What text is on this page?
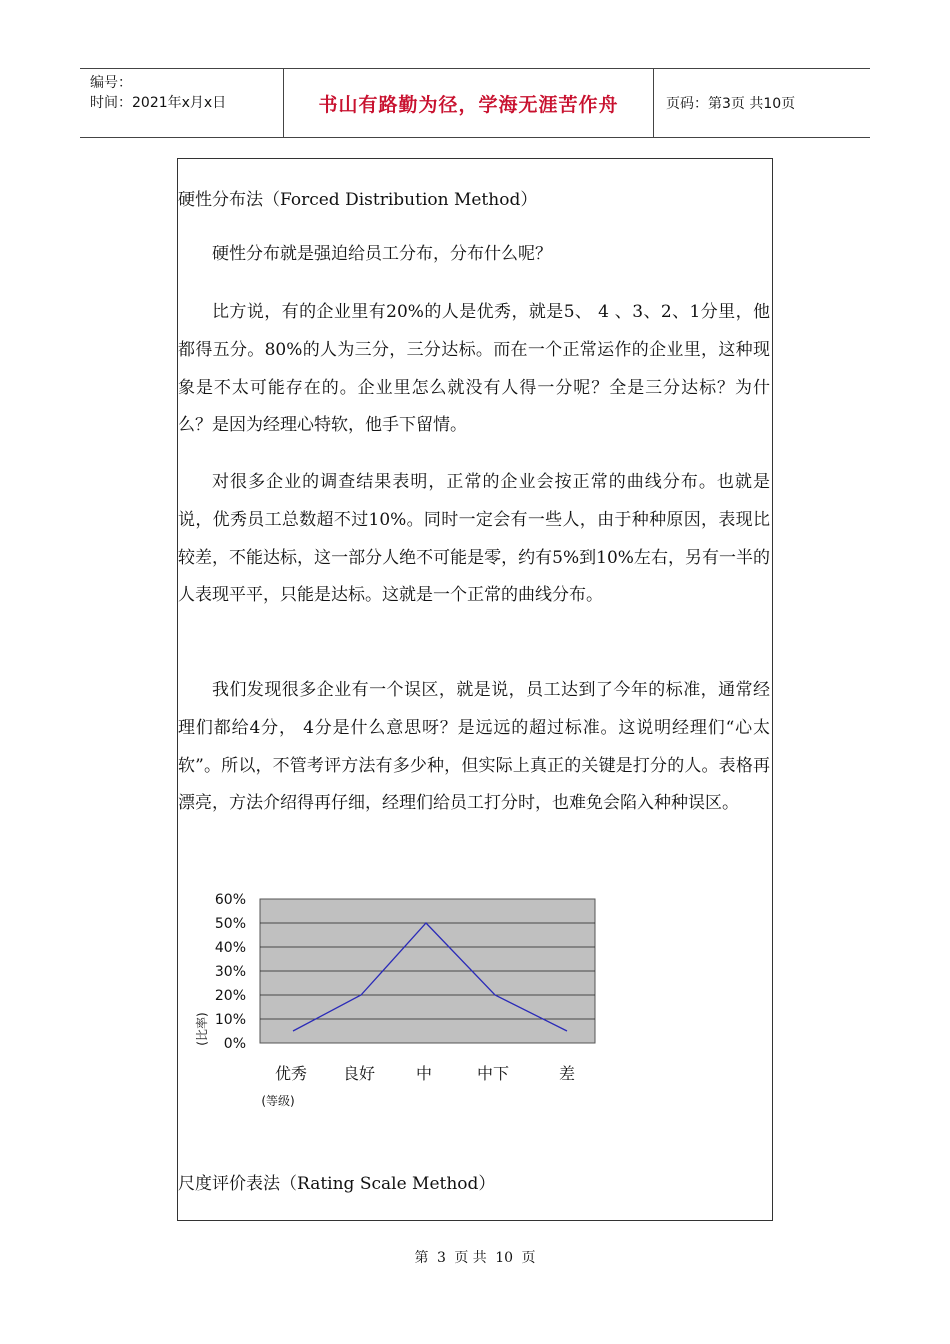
编号：
时间：2021年x月x日	书山有路勤为径，学海无涯苦作舟	页码：第3页 共10页

硬性分布法（Forced Distribution Method）

硬性分布就是强迫给员工分布，分布什么呢？

比方说，有的企业里有20%的人是优秀，就是5、 4 、3、2、1分里，他都得五分。80%的人为三分，三分达标。而在一个正常运作的企业里，这种现象是不太可能存在的。企业里怎么就没有人得一分呢？全是三分达标？为什么？是因为经理心特软，他手下留情。

对很多企业的调查结果表明，正常的企业会按正常的曲线分布。也就是说，优秀员工总数超不过10%。同时一定会有一些人，由于种种原因，表现比较差，不能达标，这一部分人绝不可能是零，约有5%到10%左右，另有一半的人表现平平，只能是达标。这就是一个正常的曲线分布。

我们发现很多企业有一个误区，就是说，员工达到了今年的标准，通常经理们都给4分， 4分是什么意思呀？是远远的超过标准。这说明经理们“心太软”。所以，不管考评方法有多少种，但实际上真正的关键是打分的人。表格再漂亮，方法介绍得再仔细，经理们给员工打分时，也难免会陷入种种误区。

60%
50%
40%
30%
20%
10%
0%
优秀 良好	中	中下	差
(比率)
(等级)

尺度评价表法（Rating Scale Method）

第 3 页 共 10 页
